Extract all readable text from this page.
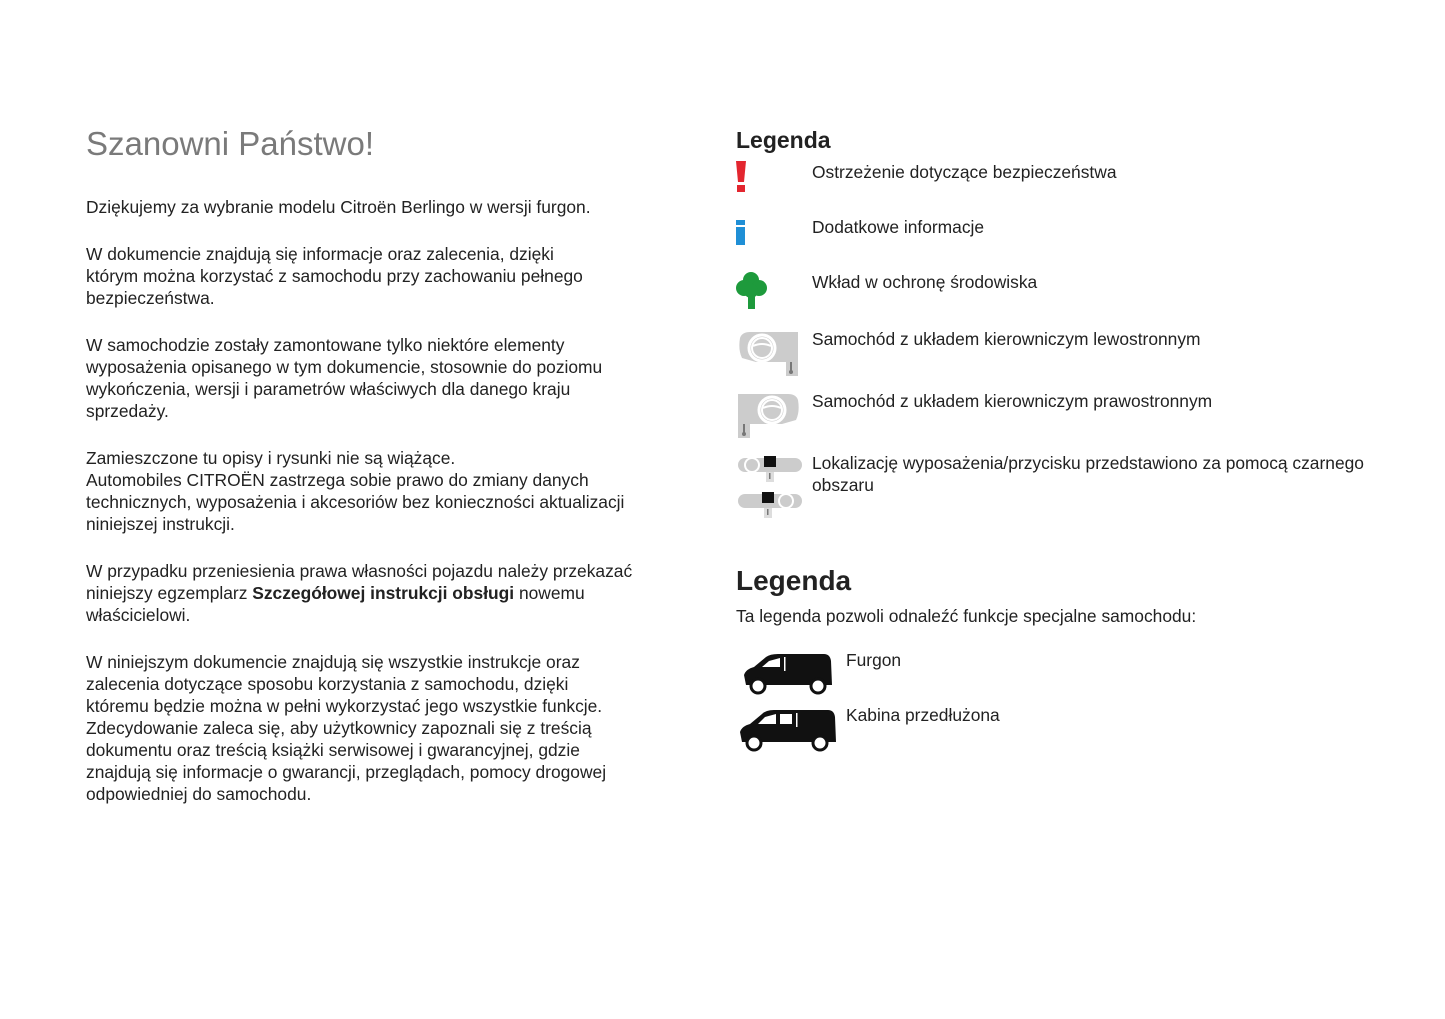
Szanowni Państwo!

Dziękujemy za wybranie modelu Citroën Berlingo w wersji furgon.

W dokumencie znajdują się informacje oraz zalecenia, dzięki
którym można korzystać z samochodu przy zachowaniu pełnego
bezpieczeństwa.

W samochodzie zostały zamontowane tylko niektóre elementy
wyposażenia opisanego w tym dokumencie, stosownie do poziomu
wykończenia, wersji i parametrów właściwych dla danego kraju
sprzedaży.

Zamieszczone tu opisy i rysunki nie są wiążące.
Automobiles CITROËN zastrzega sobie prawo do zmiany danych
technicznych, wyposażenia i akcesoriów bez konieczności aktualizacji
niniejszej instrukcji.

W przypadku przeniesienia prawa własności pojazdu należy przekazać
niniejszy egzemplarz Szczegółowej instrukcji obsługi nowemu
właścicielowi.

W niniejszym dokumencie znajdują się wszystkie instrukcje oraz
zalecenia dotyczące sposobu korzystania z samochodu, dzięki
któremu będzie można w pełni wykorzystać jego wszystkie funkcje.
Zdecydowanie zaleca się, aby użytkownicy zapoznali się z treścią
dokumentu oraz treścią książki serwisowej i gwarancyjnej, gdzie
znajdują się informacje o gwarancji, przeglądach, pomocy drogowej
odpowiedniej do samochodu.

Legenda
Ostrzeżenie dotyczące bezpieczeństwa
Dodatkowe informacje
Wkład w ochronę środowiska
Samochód z układem kierowniczym lewostronnym
Samochód z układem kierowniczym prawostronnym
Lokalizację wyposażenia/przycisku przedstawiono za pomocą czarnego obszaru
Legenda
Ta legenda pozwoli odnaleźć funkcje specjalne samochodu:
Furgon
Kabina przedłużona
